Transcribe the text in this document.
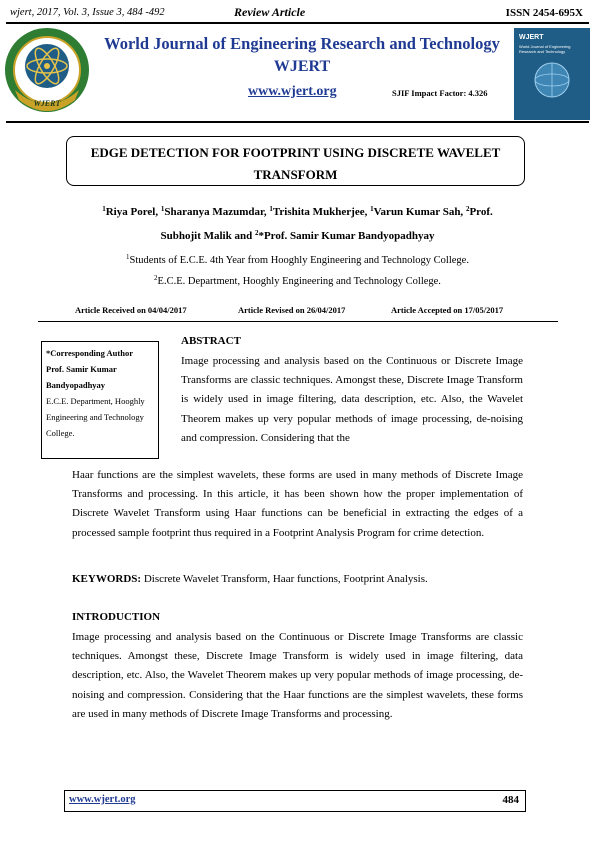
wjert, 2017, Vol. 3, Issue 3, 484 -492	Review Article	ISSN 2454-695X
WJERT
World Journal of Engineering Research and Technology
WJERT
www.wjert.org	SJIF Impact Factor: 4.326
WJERT
World Journal of Engineering Research and Technology
EDGE DETECTION FOR FOOTPRINT USING DISCRETE WAVELET TRANSFORM
$^1$Riya Porel, $^1$Sharanya Mazumdar, $^1$Trishita Mukherjee, $^1$Varun Kumar Sah, $^2$Prof.
Subhojit Malik and $^2$*Prof. Samir Kumar Bandyopadhyay
$^1$Students of E.C.E. 4th Year from Hooghly Engineering and Technology College.
$^2$E.C.E. Department, Hooghly Engineering and Technology College.
Article Received on 04/04/2017	Article Revised on 26/04/2017	Article Accepted on 17/05/2017
*Corresponding Author
Prof. Samir Kumar Bandyopadhyay
E.C.E. Department, Hooghly Engineering and Technology College.
ABSTRACT
Image processing and analysis based on the Continuous or Discrete Image Transforms are classic techniques. Amongst these, Discrete Image Transform is widely used in image filtering, data description, etc. Also, the Wavelet Theorem makes up very popular methods of image processing, de-noising and compression. Considering that the
Haar functions are the simplest wavelets, these forms are used in many methods of Discrete Image Transforms and processing. In this article, it has been shown how the proper implementation of Discrete Wavelet Transform using Haar functions can be beneficial in extracting the edges of a processed sample footprint thus required in a Footprint Analysis Program for crime detection.
KEYWORDS: Discrete Wavelet Transform, Haar functions, Footprint Analysis.
INTRODUCTION
Image processing and analysis based on the Continuous or Discrete Image Transforms are classic techniques. Amongst these, Discrete Image Transform is widely used in image filtering, data description, etc. Also, the Wavelet Theorem makes up very popular methods of image processing, de-noising and compression. Considering that the Haar functions are the simplest wavelets, these forms are used in many methods of Discrete Image Transforms and processing.
www.wjert.org	484
